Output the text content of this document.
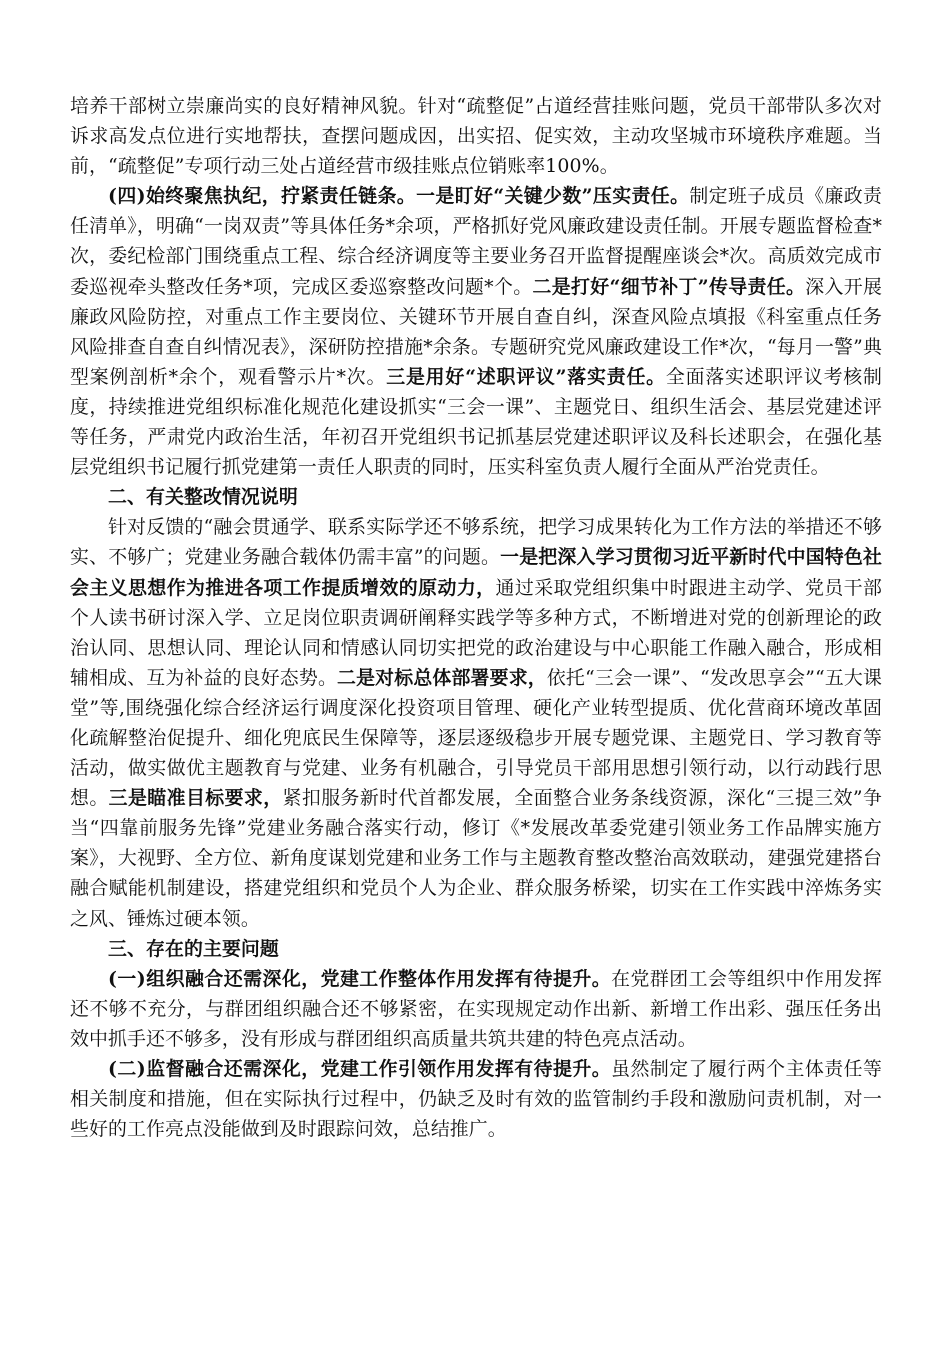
培养干部树立崇廉尚实的良好精神风貌。针对“疏整促”占道经营挂账问题，党员干部带队多次对诉求高发点位进行实地帮扶，查摆问题成因，出实招、促实效，主动攻坚城市环境秩序难题。当前，“疏整促”专项行动三处占道经营市级挂账点位销账率100%。

(四)始终聚焦执纪，拧紧责任链条。一是盯好“关键少数”压实责任。制定班子成员《廉政责任清单》，明确“一岗双责”等具体任务*余项，严格抓好党风廉政建设责任制。开展专题监督检查*次，委纪检部门围绕重点工程、综合经济调度等主要业务召开监督提醒座谈会*次。高质效完成市委巡视牵头整改任务*项，完成区委巡察整改问题*个。二是打好“细节补丁”传导责任。深入开展廉政风险防控，对重点工作主要岗位、关键环节开展自查自纠，深查风险点填报《科室重点任务风险排查自查自纠情况表》，深研防控措施*余条。专题研究党风廉政建设工作*次，“每月一警”典型案例剖析*余个，观看警示片*次。三是用好“述职评议”落实责任。全面落实述职评议考核制度，持续推进党组织标准化规范化建设抓实“三会一课”、主题党日、组织生活会、基层党建述评等任务，严肃党内政治生活，年初召开党组织书记抓基层党建述职评议及科长述职会，在强化基层党组织书记履行抓党建第一责任人职责的同时，压实科室负责人履行全面从严治党责任。

二、有关整改情况说明

针对反馈的“融会贯通学、联系实际学还不够系统，把学习成果转化为工作方法的举措还不够实、不够广；党建业务融合载体仍需丰富”的问题。一是把深入学习贯彻习近平新时代中国特色社会主义思想作为推进各项工作提质增效的原动力，通过采取党组织集中时跟进主动学、党员干部个人读书研讨深入学、立足岗位职责调研阐释实践学等多种方式，不断增进对党的创新理论的政治认同、思想认同、理论认同和情感认同切实把党的政治建设与中心职能工作融入融合，形成相辅相成、互为补益的良好态势。二是对标总体部署要求，依托“三会一课”、“发改思享会”“五大课堂”等,围绕强化综合经济运行调度深化投资项目管理、硬化产业转型提质、优化营商环境改革固化疏解整治促提升、细化兜底民生保障等，逐层逐级稳步开展专题党课、主题党日、学习教育等活动，做实做优主题教育与党建、业务有机融合，引导党员干部用思想引领行动，以行动践行思想。三是瞄准目标要求，紧扣服务新时代首都发展，全面整合业务条线资源，深化“三提三效”争当“四靠前服务先锋”党建业务融合落实行动，修订《*发展改革委党建引领业务工作品牌实施方案》，大视野、全方位、新角度谋划党建和业务工作与主题教育整改整治高效联动，建强党建搭台融合赋能机制建设，搭建党组织和党员个人为企业、群众服务桥梁，切实在工作实践中淬炼务实之风、锤炼过硬本领。

三、存在的主要问题

(一)组织融合还需深化，党建工作整体作用发挥有待提升。在党群团工会等组织中作用发挥还不够不充分，与群团组织融合还不够紧密，在实现规定动作出新、新增工作出彩、强压任务出效中抓手还不够多，没有形成与群团组织高质量共筑共建的特色亮点活动。

(二)监督融合还需深化，党建工作引领作用发挥有待提升。虽然制定了履行两个主体责任等相关制度和措施，但在实际执行过程中，仍缺乏及时有效的监管制约手段和激励问责机制，对一些好的工作亮点没能做到及时跟踪问效，总结推广。
